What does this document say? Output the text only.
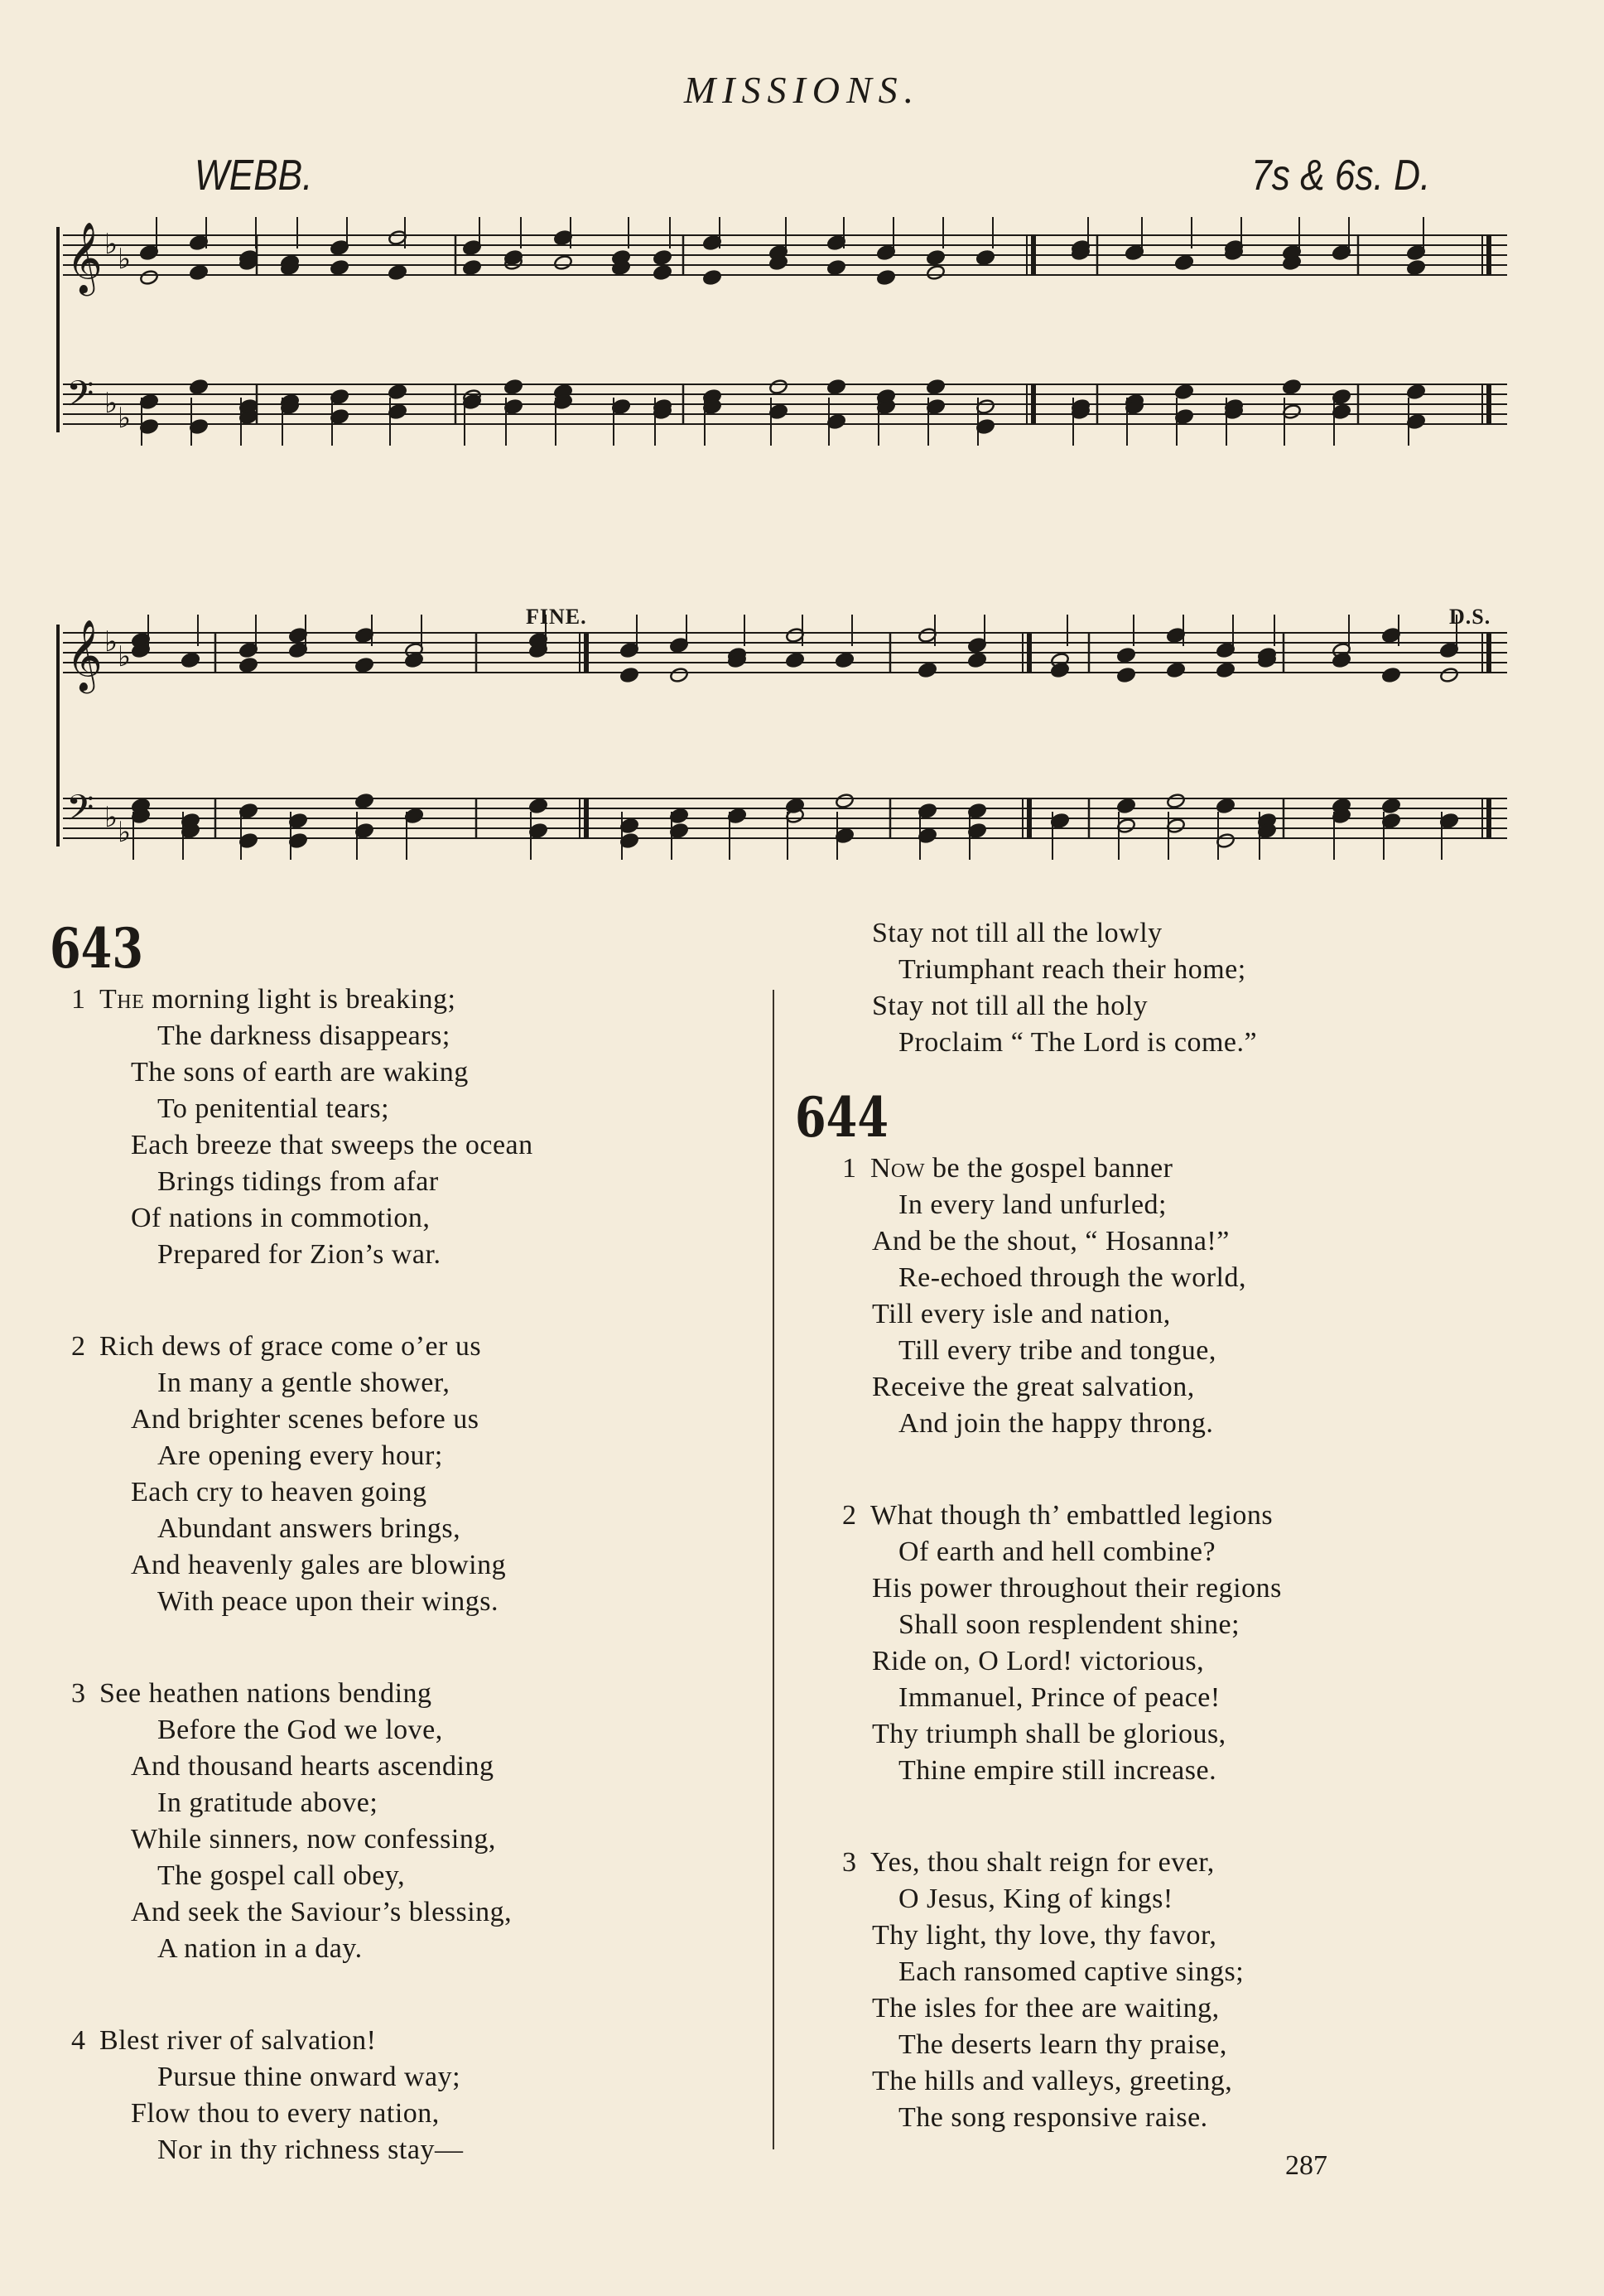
MISSIONS.
WEBB.	7s & 6s. D.
𝄞 ♭ ♭
𝄢 ♭ ♭
𝄞 ♭ ♭
𝄢 ♭ ♭
FINE.	D.S.
643
1 The morning light is breaking;
The darkness disappears;
The sons of earth are waking
To penitential tears;
Each breeze that sweeps the ocean
Brings tidings from afar
Of nations in commotion,
Prepared for Zion’s war.
2 Rich dews of grace come o’er us
In many a gentle shower,
And brighter scenes before us
Are opening every hour;
Each cry to heaven going
Abundant answers brings,
And heavenly gales are blowing
With peace upon their wings.
3 See heathen nations bending
Before the God we love,
And thousand hearts ascending
In gratitude above;
While sinners, now confessing,
The gospel call obey,
And seek the Saviour’s blessing,
A nation in a day.
4 Blest river of salvation!
Pursue thine onward way;
Flow thou to every nation,
Nor in thy richness stay—
Stay not till all the lowly
Triumphant reach their home;
Stay not till all the holy
Proclaim “ The Lord is come.”
644
1 Now be the gospel banner
In every land unfurled;
And be the shout, “ Hosanna!”
Re-echoed through the world,
Till every isle and nation,
Till every tribe and tongue,
Receive the great salvation,
And join the happy throng.
2 What though th’ embattled legions
Of earth and hell combine?
His power throughout their regions
Shall soon resplendent shine;
Ride on, O Lord! victorious,
Immanuel, Prince of peace!
Thy triumph shall be glorious,
Thine empire still increase.
3 Yes, thou shalt reign for ever,
O Jesus, King of kings!
Thy light, thy love, thy favor,
Each ransomed captive sings;
The isles for thee are waiting,
The deserts learn thy praise,
The hills and valleys, greeting,
The song responsive raise.
287
